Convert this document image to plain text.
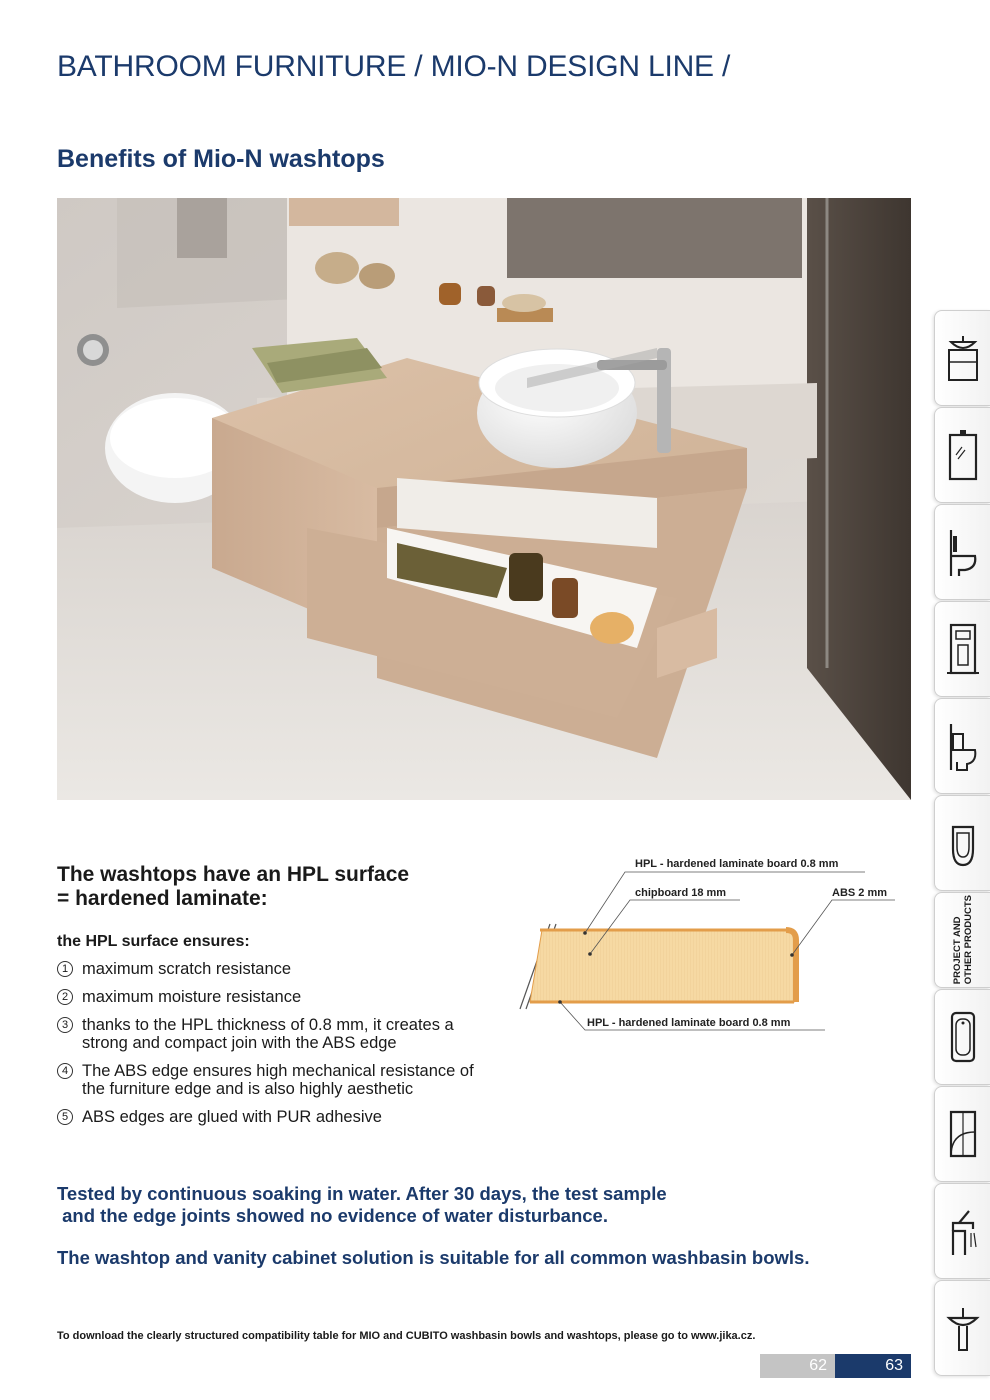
BATHROOM FURNITURE / MIO-N DESIGN LINE /
Benefits of Mio-N washtops
The washtops have an HPL surface
= hardened laminate:
the HPL surface ensures:
1 maximum scratch resistance
2 maximum moisture resistance
3 thanks to the HPL thickness of 0.8 mm, it creates a strong and compact join with the ABS edge
4 The ABS edge ensures high mechanical resistance of the furniture edge and is also highly aesthetic
5 ABS edges are glued with PUR adhesive
HPL - hardened laminate board 0.8 mm
chipboard 18 mm	ABS 2 mm
HPL - hardened laminate board 0.8 mm
Tested by continuous soaking in water. After 30 days, the test sample
and the edge joints showed no evidence of water disturbance.
The washtop and vanity cabinet solution is suitable for all common washbasin bowls.
To download the clearly structured compatibility table for MIO and CUBITO washbasin bowls and washtops, please go to www.jika.cz.
62	63
PROJECT AND OTHER PRODUCTS
